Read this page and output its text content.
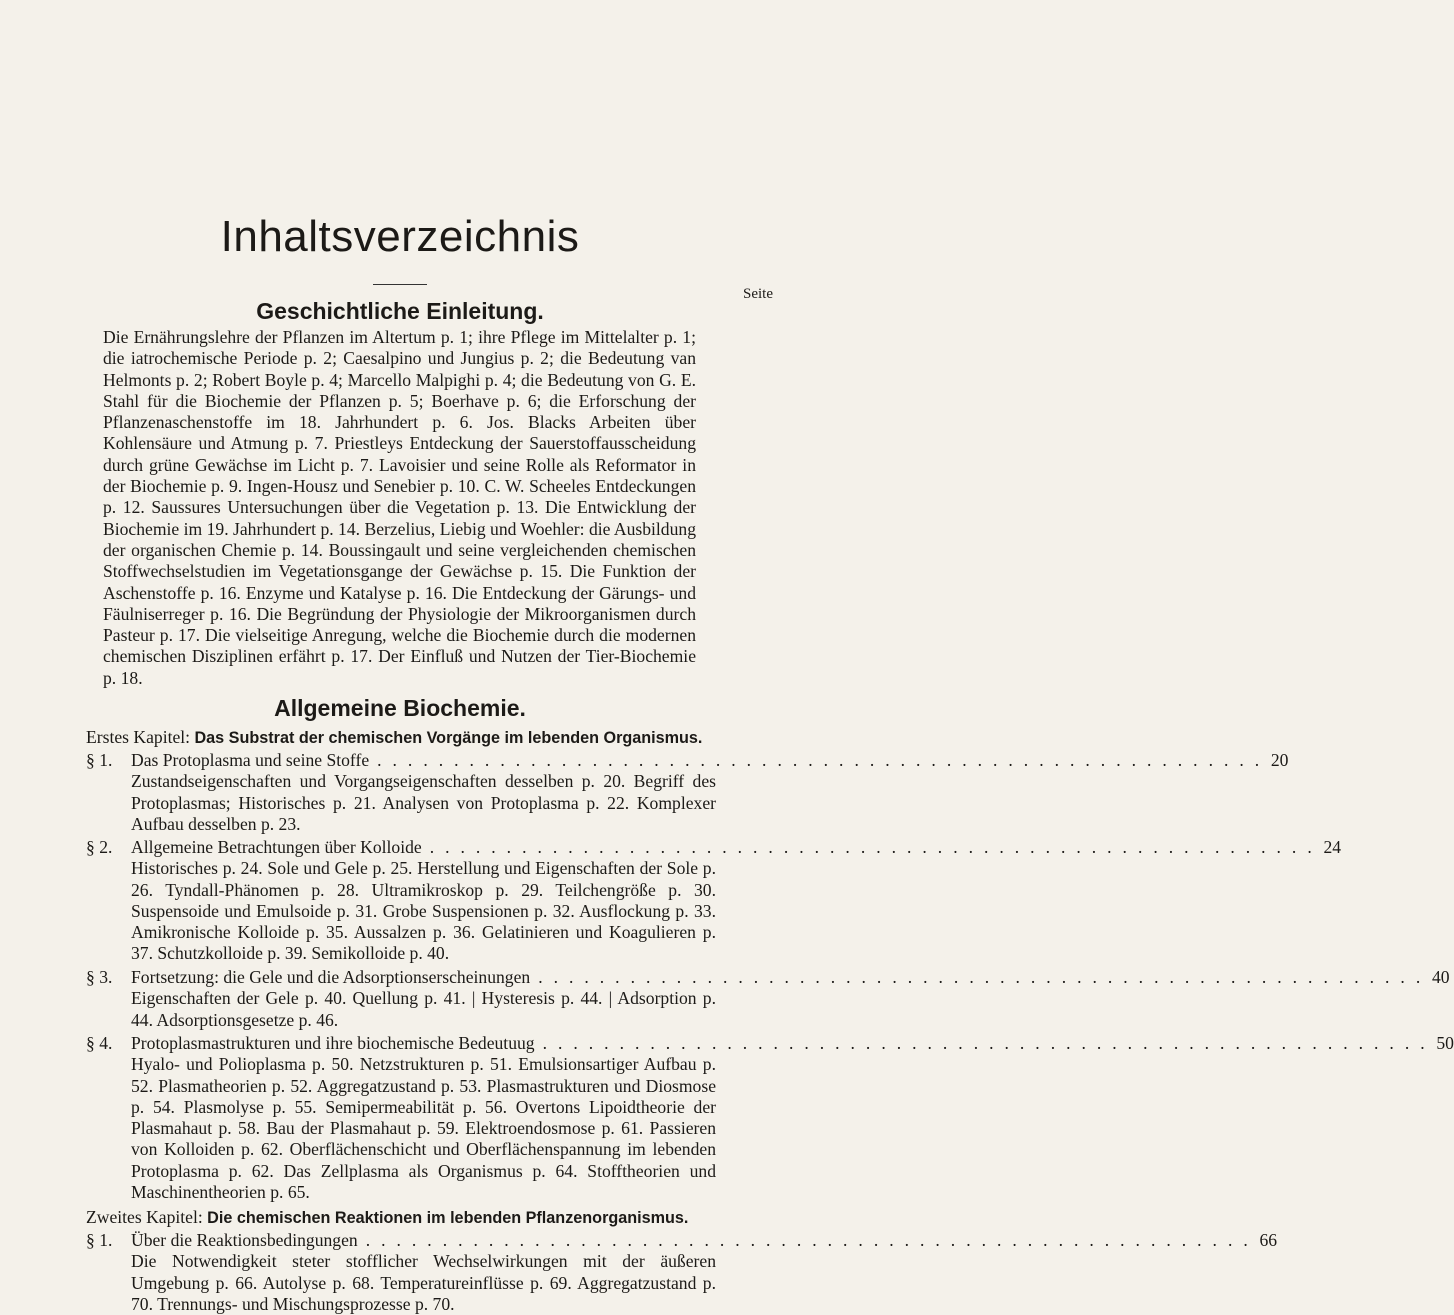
Inhaltsverzeichnis
Seite
Geschichtliche Einleitung.
Die Ernährungslehre der Pflanzen im Altertum p. 1; ihre Pflege im Mittelalter p. 1; die iatrochemische Periode p. 2; Caesalpino und Jungius p. 2; die Bedeutung van Helmonts p. 2; Robert Boyle p. 4; Marcello Malpighi p. 4; die Bedeutung von G. E. Stahl für die Biochemie der Pflanzen p. 5; Boerhave p. 6; die Erforschung der Pflanzenaschenstoffe im 18. Jahrhundert p. 6. Jos. Blacks Arbeiten über Kohlensäure und Atmung p. 7. Priestleys Entdeckung der Sauerstoffausscheidung durch grüne Gewächse im Licht p. 7. Lavoisier und seine Rolle als Reformator in der Biochemie p. 9. Ingen-Housz und Senebier p. 10. C. W. Scheeles Entdeckungen p. 12. Saussures Untersuchungen über die Vegetation p. 13. Die Entwicklung der Biochemie im 19. Jahrhundert p. 14. Berzelius, Liebig und Woehler: die Ausbildung der organischen Chemie p. 14. Boussingault und seine vergleichenden chemischen Stoffwechselstudien im Vegetationsgange der Gewächse p. 15. Die Funktion der Aschenstoffe p. 16. Enzyme und Katalyse p. 16. Die Entdeckung der Gärungs- und Fäulniserreger p. 16. Die Begründung der Physiologie der Mikroorganismen durch Pasteur p. 17. Die vielseitige Anregung, welche die Biochemie durch die modernen chemischen Disziplinen erfährt p. 17. Der Einfluß und Nutzen der Tier-Biochemie p. 18.
Allgemeine Biochemie.
Erstes Kapitel: Das Substrat der chemischen Vorgänge im lebenden Organismus.
§ 1.	Das Protoplasma und seine Stoffe . . . . . . . . . . . . . . . . . . . . . . . . . . . . . . . . . . . . . . . . . . . . . . . . . . . . . . . . . . 20
Zustandseigenschaften und Vorgangseigenschaften desselben p. 20. Begriff des Protoplasmas; Historisches p. 21. Analysen von Protoplasma p. 22. Komplexer Aufbau desselben p. 23.
§ 2.	Allgemeine Betrachtungen über Kolloide . . . . . . . . . . . . . . . . . . . . . . . . . . . . . . . . . . . . . . . . . . . . . . . . . . . . . . . . . . 24
Historisches p. 24. Sole und Gele p. 25. Herstellung und Eigenschaften der Sole p. 26. Tyndall-Phänomen p. 28. Ultramikroskop p. 29. Teilchengröße p. 30. Suspensoide und Emulsoide p. 31. Grobe Suspensionen p. 32. Ausflockung p. 33. Amikronische Kolloide p. 35. Aussalzen p. 36. Gelatinieren und Koagulieren p. 37. Schutzkolloide p. 39. Semikolloide p. 40.
§ 3.	Fortsetzung: die Gele und die Adsorptionserscheinungen . . . . . . . . . . . . . . . . . . . . . . . . . . . . . . . . . . . . . . . . . . . . . . . . . . . . . . . . . . 40
Eigenschaften der Gele p. 40. Quellung p. 41. | Hysteresis p. 44. | Adsorption p. 44. Adsorptionsgesetze p. 46.
§ 4.	Protoplasmastrukturen und ihre biochemische Bedeutuug . . . . . . . . . . . . . . . . . . . . . . . . . . . . . . . . . . . . . . . . . . . . . . . . . . . . . . . . . . 50
Hyalo- und Polioplasma p. 50. Netzstrukturen p. 51. Emulsionsartiger Aufbau p. 52. Plasmatheorien p. 52. Aggregatzustand p. 53. Plasmastrukturen und Diosmose p. 54. Plasmolyse p. 55. Semipermeabilität p. 56. Overtons Lipoidtheorie der Plasmahaut p. 58. Bau der Plasmahaut p. 59. Elektroendosmose p. 61. Passieren von Kolloiden p. 62. Oberflächenschicht und Oberflächenspannung im lebenden Protoplasma p. 62. Das Zellplasma als Organismus p. 64. Stofftheorien und Maschinentheorien p. 65.
Zweites Kapitel: Die chemischen Reaktionen im lebenden Pflanzenorganismus.
§ 1.	Über die Reaktionsbedingungen . . . . . . . . . . . . . . . . . . . . . . . . . . . . . . . . . . . . . . . . . . . . . . . . . . . . . . . . . . 66
Die Notwendigkeit steter stofflicher Wechselwirkungen mit der äußeren Umgebung p. 66. Autolyse p. 68. Temperatureinflüsse p. 69. Aggregatzustand p. 70. Trennungs- und Mischungsprozesse p. 70.
